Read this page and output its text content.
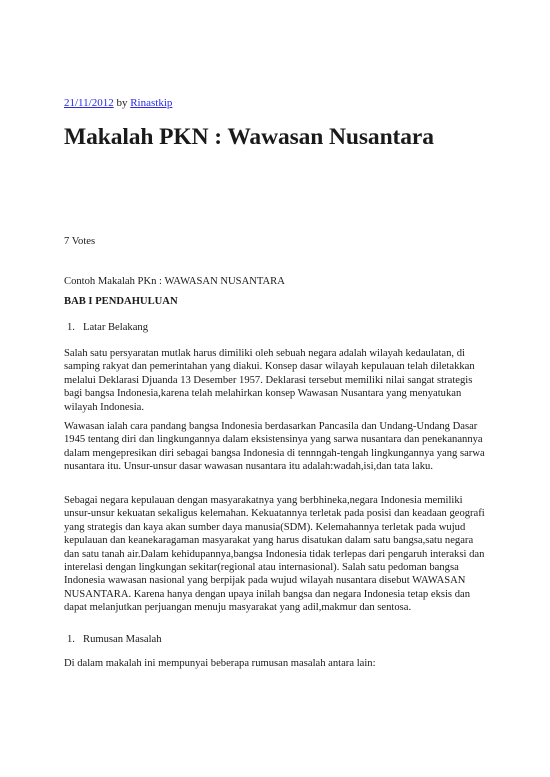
21/11/2012 by Rinastkip
Makalah PKN : Wawasan Nusantara

7 Votes

Contoh Makalah PKn : WAWASAN NUSANTARA

BAB I PENDAHULUAN

1. Latar Belakang

Salah satu persyaratan mutlak harus dimiliki oleh sebuah negara adalah wilayah kedaulatan, di samping rakyat dan pemerintahan yang diakui. Konsep dasar wilayah kepulauan telah diletakkan melalui Deklarasi Djuanda 13 Desember 1957. Deklarasi tersebut memiliki nilai sangat strategis bagi bangsa Indonesia,karena telah melahirkan konsep Wawasan Nusantara yang menyatukan wilayah Indonesia.

Wawasan ialah cara pandang bangsa Indonesia berdasarkan Pancasila dan Undang-Undang Dasar 1945 tentang diri dan lingkungannya dalam eksistensinya yang sarwa nusantara dan penekanannya dalam mengepresikan diri sebagai bangsa Indonesia di tennngah-tengah lingkungannya yang sarwa nusantara itu. Unsur-unsur dasar wawasan nusantara itu adalah:wadah,isi,dan tata laku.

Sebagai negara kepulauan dengan masyarakatnya yang berbhineka,negara Indonesia memiliki unsur-unsur kekuatan sekaligus kelemahan. Kekuatannya terletak pada posisi dan keadaan geografi yang strategis dan kaya akan sumber daya manusia(SDM). Kelemahannya terletak pada wujud kepulauan dan keanekaragaman masyarakat yang harus disatukan dalam satu bangsa,satu negara dan satu tanah air.Dalam kehidupannya,bangsa Indonesia tidak terlepas dari pengaruh interaksi dan interelasi dengan lingkungan sekitar(regional atau internasional). Salah satu pedoman bangsa Indonesia wawasan nasional yang berpijak pada wujud wilayah nusantara disebut WAWASAN NUSANTARA. Karena hanya dengan upaya inilah bangsa dan negara Indonesia tetap eksis dan dapat melanjutkan perjuangan menuju masyarakat yang adil,makmur dan sentosa.

1. Rumusan Masalah

Di dalam makalah ini mempunyai beberapa rumusan masalah antara lain:
